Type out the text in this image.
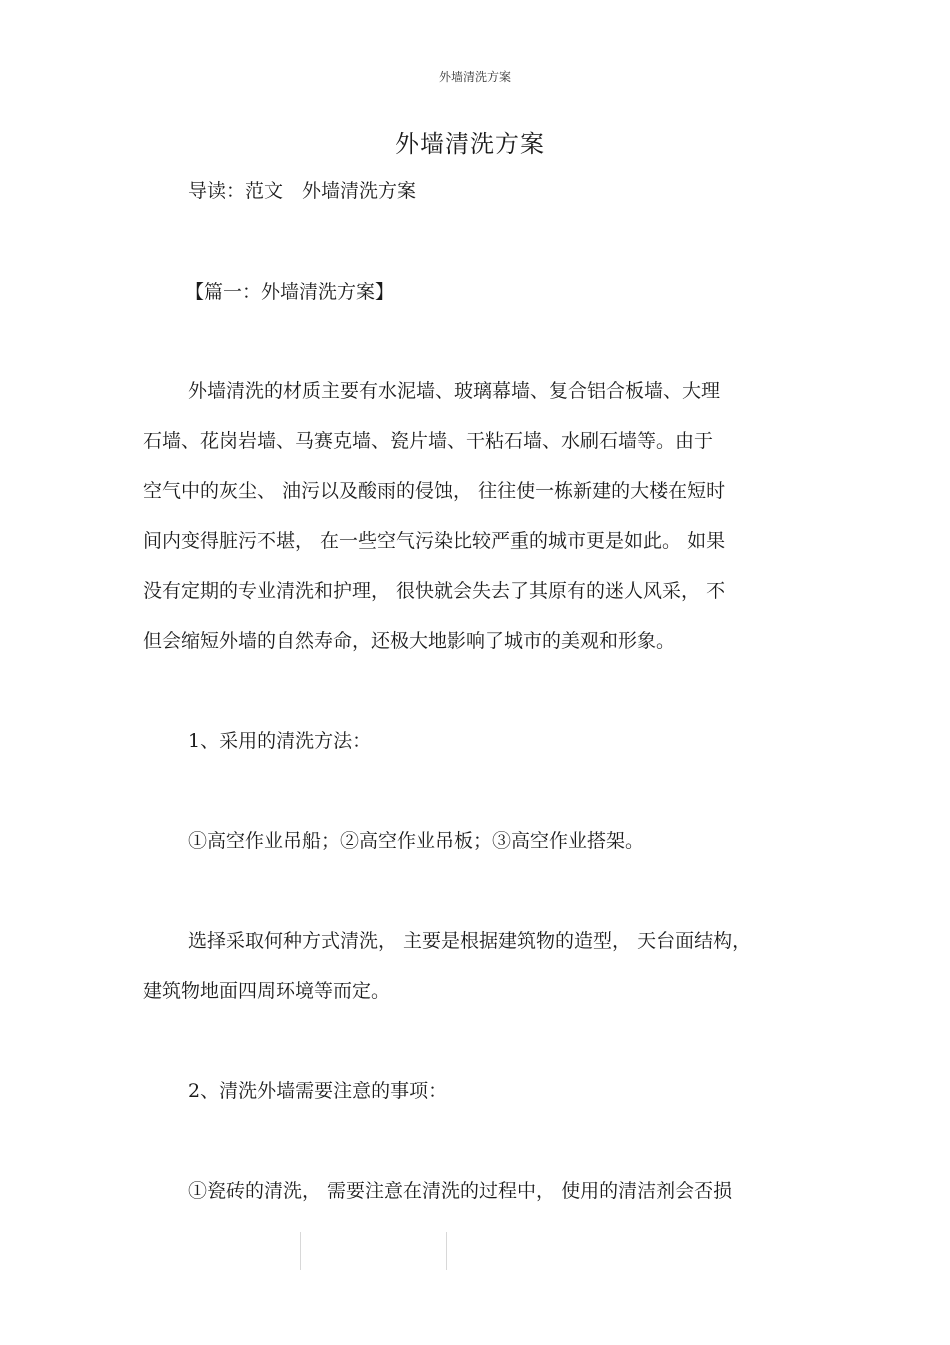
外墙清洗方案
外墙清洗方案
导读：范文　外墙清洗方案
【篇一：外墙清洗方案】
外墙清洗的材质主要有水泥墙、玻璃幕墙、复合铝合板墙、大理
石墙、花岗岩墙、马赛克墙、瓷片墙、干粘石墙、水刷石墙等。由于
空气中的灰尘、 油污以及酸雨的侵蚀， 往往使一栋新建的大楼在短时
间内变得脏污不堪， 在一些空气污染比较严重的城市更是如此。 如果
没有定期的专业清洗和护理， 很快就会失去了其原有的迷人风采， 不
但会缩短外墙的自然寿命，还极大地影响了城市的美观和形象。
1、采用的清洗方法：
①高空作业吊船；②高空作业吊板；③高空作业搭架。
选择采取何种方式清洗， 主要是根据建筑物的造型， 天台面结构，
建筑物地面四周环境等而定。
2、清洗外墙需要注意的事项：
①瓷砖的清洗， 需要注意在清洗的过程中， 使用的清洁剂会否损
